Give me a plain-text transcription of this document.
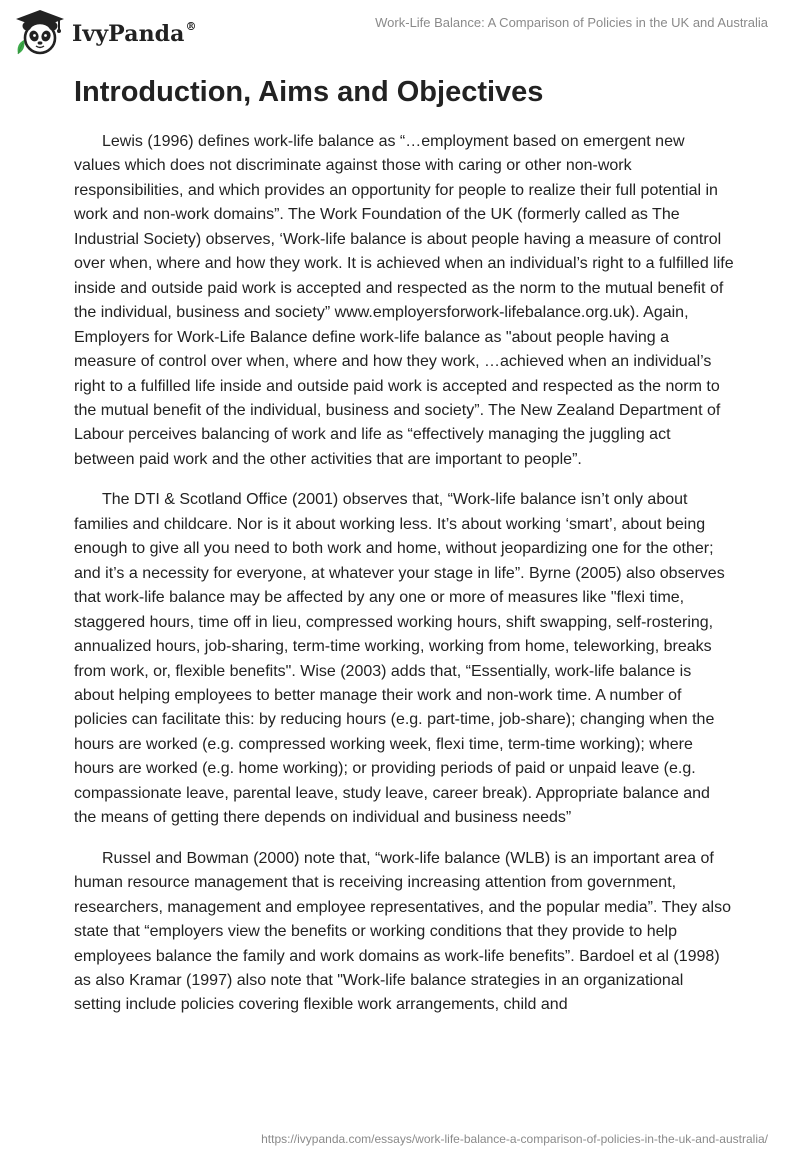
IvyPanda®	Work-Life Balance: A Comparison of Policies in the UK and Australia
Introduction, Aims and Objectives

Lewis (1996) defines work-life balance as “…employment based on emergent new values which does not discriminate against those with caring or other non-work responsibilities, and which provides an opportunity for people to realize their full potential in work and non-work domains”. The Work Foundation of the UK (formerly called as The Industrial Society) observes, ‘Work-life balance is about people having a measure of control over when, where and how they work. It is achieved when an individual’s right to a fulfilled life inside and outside paid work is accepted and respected as the norm to the mutual benefit of the individual, business and society” www.employersforwork-lifebalance.org.uk). Again, Employers for Work-Life Balance define work-life balance as "about people having a measure of control over when, where and how they work, …achieved when an individual’s right to a fulfilled life inside and outside paid work is accepted and respected as the norm to the mutual benefit of the individual, business and society”. The New Zealand Department of Labour perceives balancing of work and life as “effectively managing the juggling act between paid work and the other activities that are important to people”.

The DTI & Scotland Office (2001) observes that, “Work-life balance isn’t only about families and childcare. Nor is it about working less. It’s about working ‘smart’, about being enough to give all you need to both work and home, without jeopardizing one for the other; and it’s a necessity for everyone, at whatever your stage in life”. Byrne (2005) also observes that work-life balance may be affected by any one or more of measures like "flexi time, staggered hours, time off in lieu, compressed working hours, shift swapping, self-rostering, annualized hours, job-sharing, term-time working, working from home, teleworking, breaks from work, or, flexible benefits". Wise (2003) adds that, “Essentially, work-life balance is about helping employees to better manage their work and non-work time. A number of policies can facilitate this: by reducing hours (e.g. part-time, job-share); changing when the hours are worked (e.g. compressed working week, flexi time, term-time working); where hours are worked (e.g. home working); or providing periods of paid or unpaid leave (e.g. compassionate leave, parental leave, study leave, career break). Appropriate balance and the means of getting there depends on individual and business needs”

Russel and Bowman (2000) note that, “work-life balance (WLB) is an important area of human resource management that is receiving increasing attention from government, researchers, management and employee representatives, and the popular media”. They also state that “employers view the benefits or working conditions that they provide to help employees balance the family and work domains as work-life benefits”. Bardoel et al (1998) as also Kramar (1997) also note that "Work-life balance strategies in an organizational setting include policies covering flexible work arrangements, child and

https://ivypanda.com/essays/work-life-balance-a-comparison-of-policies-in-the-uk-and-australia/
